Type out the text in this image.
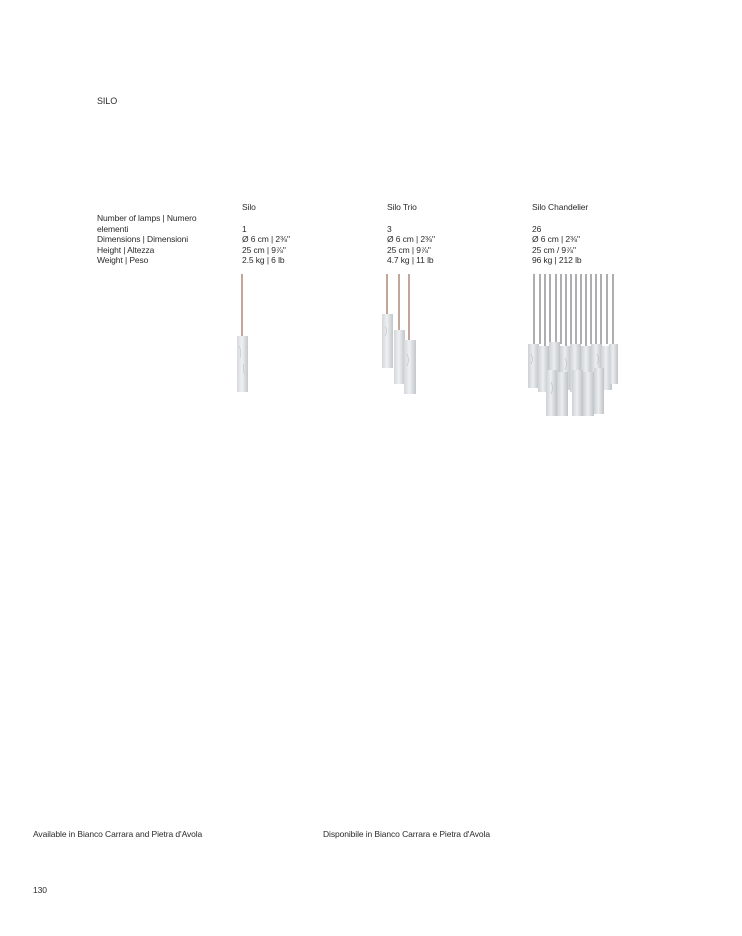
SILO
Number of lamps | Numero
elementi
Dimensions | Dimensioni
Height | Altezza
Weight | Peso
Silo
1
Ø 6 cm | 2⅜"
25 cm | 9⅞"
2.5 kg | 6 lb
Silo Trio
3
Ø 6 cm | 2⅜"
25 cm | 9⅞"
4.7 kg | 11 lb
Silo Chandelier
26
Ø 6 cm | 2⅜"
25 cm / 9⅞"
96 kg | 212 lb
Available in Bianco Carrara and Pietra d'Avola	Disponibile in Bianco Carrara e Pietra d'Avola
130
